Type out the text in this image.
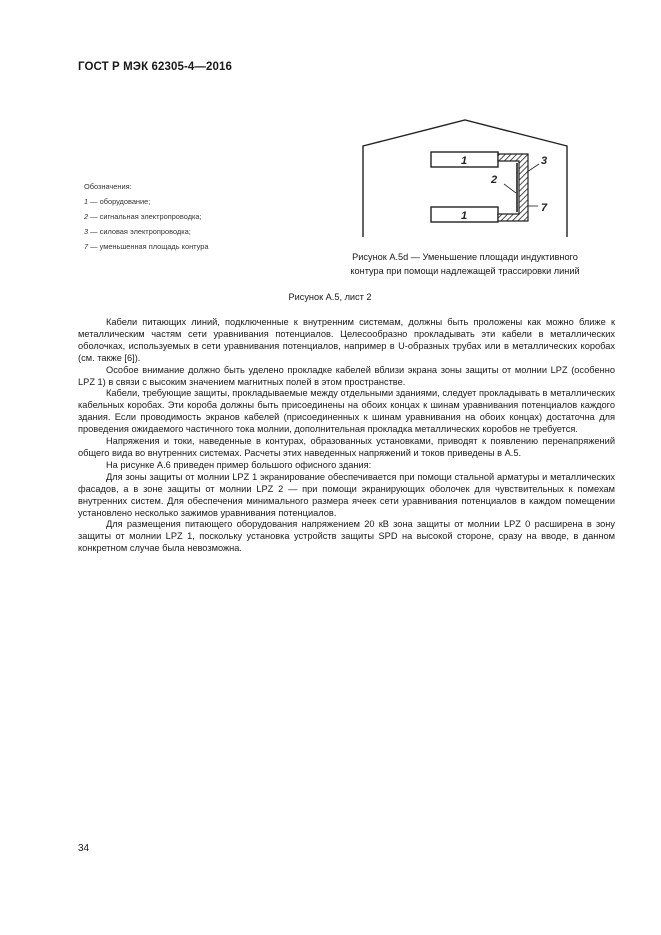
ГОСТ Р МЭК 62305-4—2016
1
1
2
3
7
Обозначения:
1 — оборудование;
2 — сигнальная электропроводка;
3 — силовая электропроводка;
7 — уменьшенная площадь контура
Рисунок А.5d — Уменьшение площади индуктивного
контура при помощи надлежащей трассировки линий
Рисунок А.5, лист 2

Кабели питающих линий, подключенные к внутренним системам, должны быть проложены как можно ближе к металлическим частям сети уравнивания потенциалов. Целесообразно прокладывать эти кабели в металлических оболочках, используемых в сети уравнивания потенциалов, например в U-образных трубах или в металлических коробах (см. также [6]).

Особое внимание должно быть уделено прокладке кабелей вблизи экрана зоны защиты от молнии LPZ (особенно LPZ 1) в связи с высоким значением магнитных полей в этом пространстве.

Кабели, требующие защиты, прокладываемые между отдельными зданиями, следует прокладывать в металлических кабельных коробах. Эти короба должны быть присоединены на обоих концах к шинам уравнивания потенциалов каждого здания. Если проводимость экранов кабелей (присоединенных к шинам уравнивания на обоих концах) достаточна для проведения ожидаемого частичного тока молнии, дополнительная прокладка металлических коробов не требуется.

Напряжения и токи, наведенные в контурах, образованных установками, приводят к появлению перенапряжений общего вида во внутренних системах. Расчеты этих наведенных напряжений и токов приведены в А.5.

На рисунке А.6 приведен пример большого офисного здания:

Для зоны защиты от молнии LPZ 1 экранирование обеспечивается при помощи стальной арматуры и металлических фасадов, а в зоне защиты от молнии LPZ 2 — при помощи экранирующих оболочек для чувствительных к помехам внутренних систем. Для обеспечения минимального размера ячеек сети уравнивания потенциалов в каждом помещении установлено несколько зажимов уравнивания потенциалов.

Для размещения питающего оборудования напряжением 20 кВ зона защиты от молнии LPZ 0 расширена в зону защиты от молнии LPZ 1, поскольку установка устройств защиты SPD на высокой стороне, сразу на вводе, в данном конкретном случае была невозможна.

34
